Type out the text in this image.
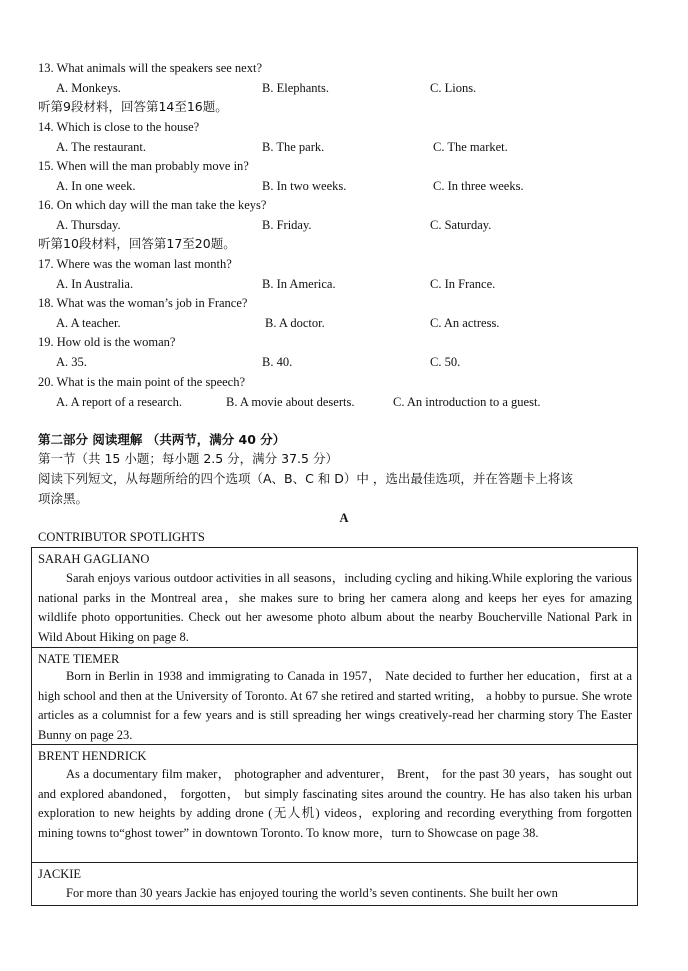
13. What animals will the speakers see next?
A. Monkeys.	B. Elephants.	C. Lions.
听第9段材料，回答第14至16题。
14. Which is close to the house?
A. The restaurant.	B. The park.	C. The market.
15. When will the man probably move in?
A. In one week.	B. In two weeks.	C. In three weeks.
16. On which day will the man take the keys?
A. Thursday.	B. Friday.	C. Saturday.
听第10段材料，回答第17至20题。
17. Where was the woman last month?
A. In Australia.	B. In America.	C. In France.
18. What was the woman’s job in France?
A. A teacher.	B. A doctor.	C. An actress.
19. How old is the woman?
A. 35.	B. 40.	C. 50.
20. What is the main point of the speech?
A. A report of a research.	B. A movie about deserts.	C. An introduction to a guest.
第二部分 阅读理解 （共两节，满分 40 分）
第一节（共 15 小题；每小题 2.5 分，满分 37.5 分）
阅读下列短文，从每题所给的四个选项（A、B、C 和 D）中 ，选出最佳选项，并在答题卡上将该
项涂黑。
A
CONTRIBUTOR SPOTLIGHTS
SARAH GAGLIANO
Sarah enjoys various outdoor activities in all seasons，including cycling and hiking.While exploring the various national parks in the Montreal area，she makes sure to bring her camera along and keeps her eyes for amazing wildlife photo opportunities. Check out her awesome photo album about the nearby Boucherville National Park in Wild About Hiking on page 8.
NATE TIEMER
Born in Berlin in 1938 and immigrating to Canada in 1957， Nate decided to further her education，first at a high school and then at the University of Toronto. At 67 she retired and started writing， a hobby to pursue. She wrote articles as a columnist for a few years and is still spreading her wings creatively-read her charming story The Easter Bunny on page 23.
BRENT HENDRICK
As a documentary film maker， photographer and adventurer， Brent， for the past 30 years，has sought out and explored abandoned， forgotten， but simply fascinating sites around the country. He has also taken his urban exploration to new heights by adding drone (无人机) videos，exploring and recording everything from forgotten mining towns to“ghost tower” in downtown Toronto. To know more，turn to Showcase on page 38.
JACKIE
For more than 30 years Jackie has enjoyed touring the world’s seven continents. She built her own
